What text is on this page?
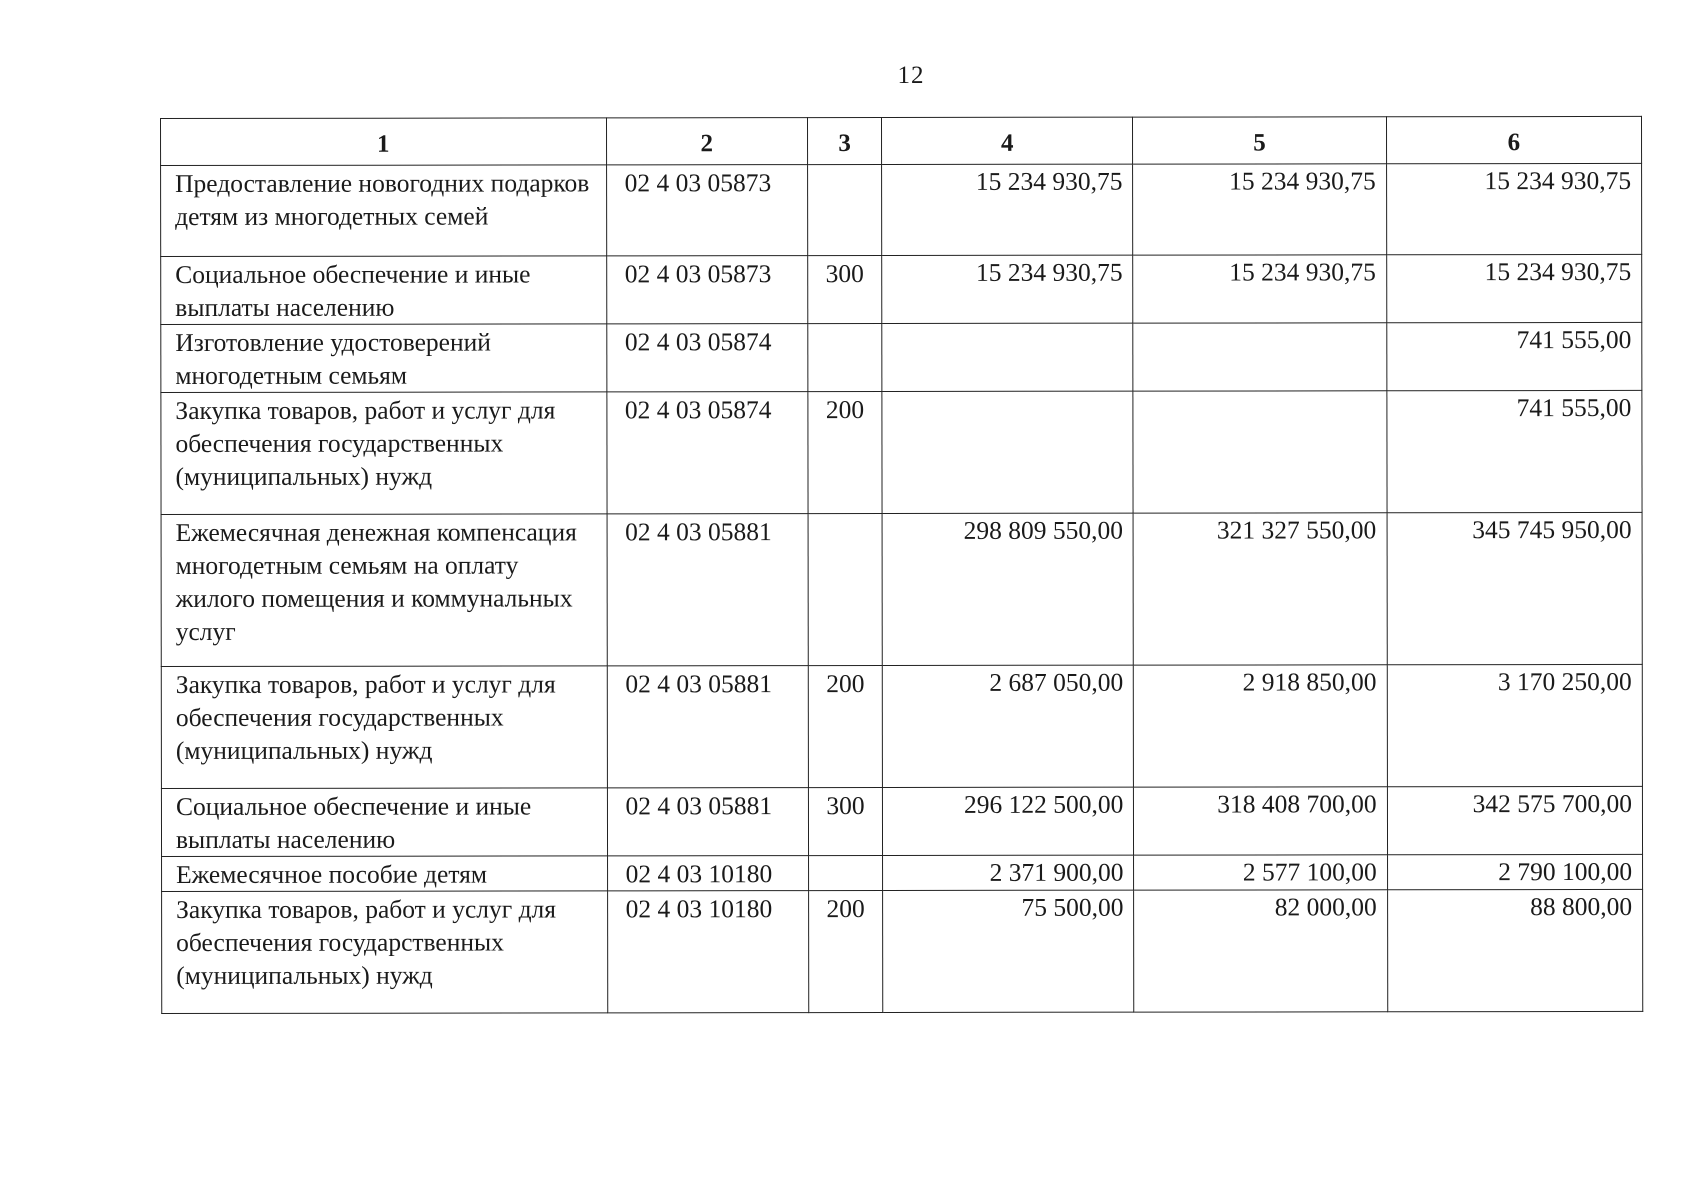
12
1	2	3	4	5	6
Предоставление новогодних подарков детям из многодетных семей	02 4 03 05873		15 234 930,75	15 234 930,75	15 234 930,75
Социальное обеспечение и иные выплаты населению	02 4 03 05873	300	15 234 930,75	15 234 930,75	15 234 930,75
Изготовление удостоверений многодетным семьям	02 4 03 05874				741 555,00
Закупка товаров, работ и услуг для обеспечения государственных (муниципальных) нужд	02 4 03 05874	200			741 555,00
Ежемесячная денежная компенсация многодетным семьям на оплату жилого помещения и коммунальных услуг	02 4 03 05881		298 809 550,00	321 327 550,00	345 745 950,00
Закупка товаров, работ и услуг для обеспечения государственных (муниципальных) нужд	02 4 03 05881	200	2 687 050,00	2 918 850,00	3 170 250,00
Социальное обеспечение и иные выплаты населению	02 4 03 05881	300	296 122 500,00	318 408 700,00	342 575 700,00
Ежемесячное пособие детям	02 4 03 10180		2 371 900,00	2 577 100,00	2 790 100,00
Закупка товаров, работ и услуг для обеспечения государственных (муниципальных) нужд	02 4 03 10180	200	75 500,00	82 000,00	88 800,00
